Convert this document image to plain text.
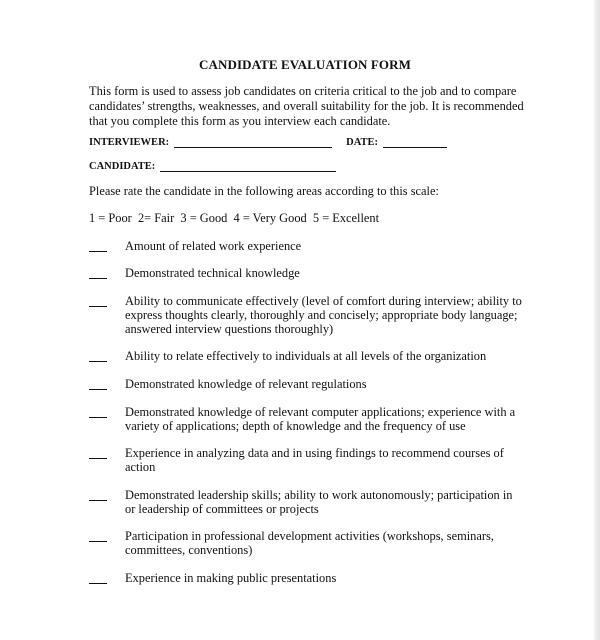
CANDIDATE EVALUATION FORM
This form is used to assess job candidates on criteria critical to the job and to compare candidates’ strengths, weaknesses, and overall suitability for the job. It is recommended that you complete this form as you interview each candidate.
INTERVIEWER:	DATE:
CANDIDATE:
Please rate the candidate in the following areas according to this scale:
1 = Poor  2= Fair  3 = Good  4 = Very Good  5 = Excellent
Amount of related work experience
Demonstrated technical knowledge
Ability to communicate effectively (level of comfort during interview; ability to express thoughts clearly, thoroughly and concisely; appropriate body language; answered interview questions thoroughly)
Ability to relate effectively to individuals at all levels of the organization
Demonstrated knowledge of relevant regulations
Demonstrated knowledge of relevant computer applications; experience with a variety of applications; depth of knowledge and the frequency of use
Experience in analyzing data and in using findings to recommend courses of action
Demonstrated leadership skills; ability to work autonomously; participation in or leadership of committees or projects
Participation in professional development activities (workshops, seminars, committees, conventions)
Experience in making public presentations
